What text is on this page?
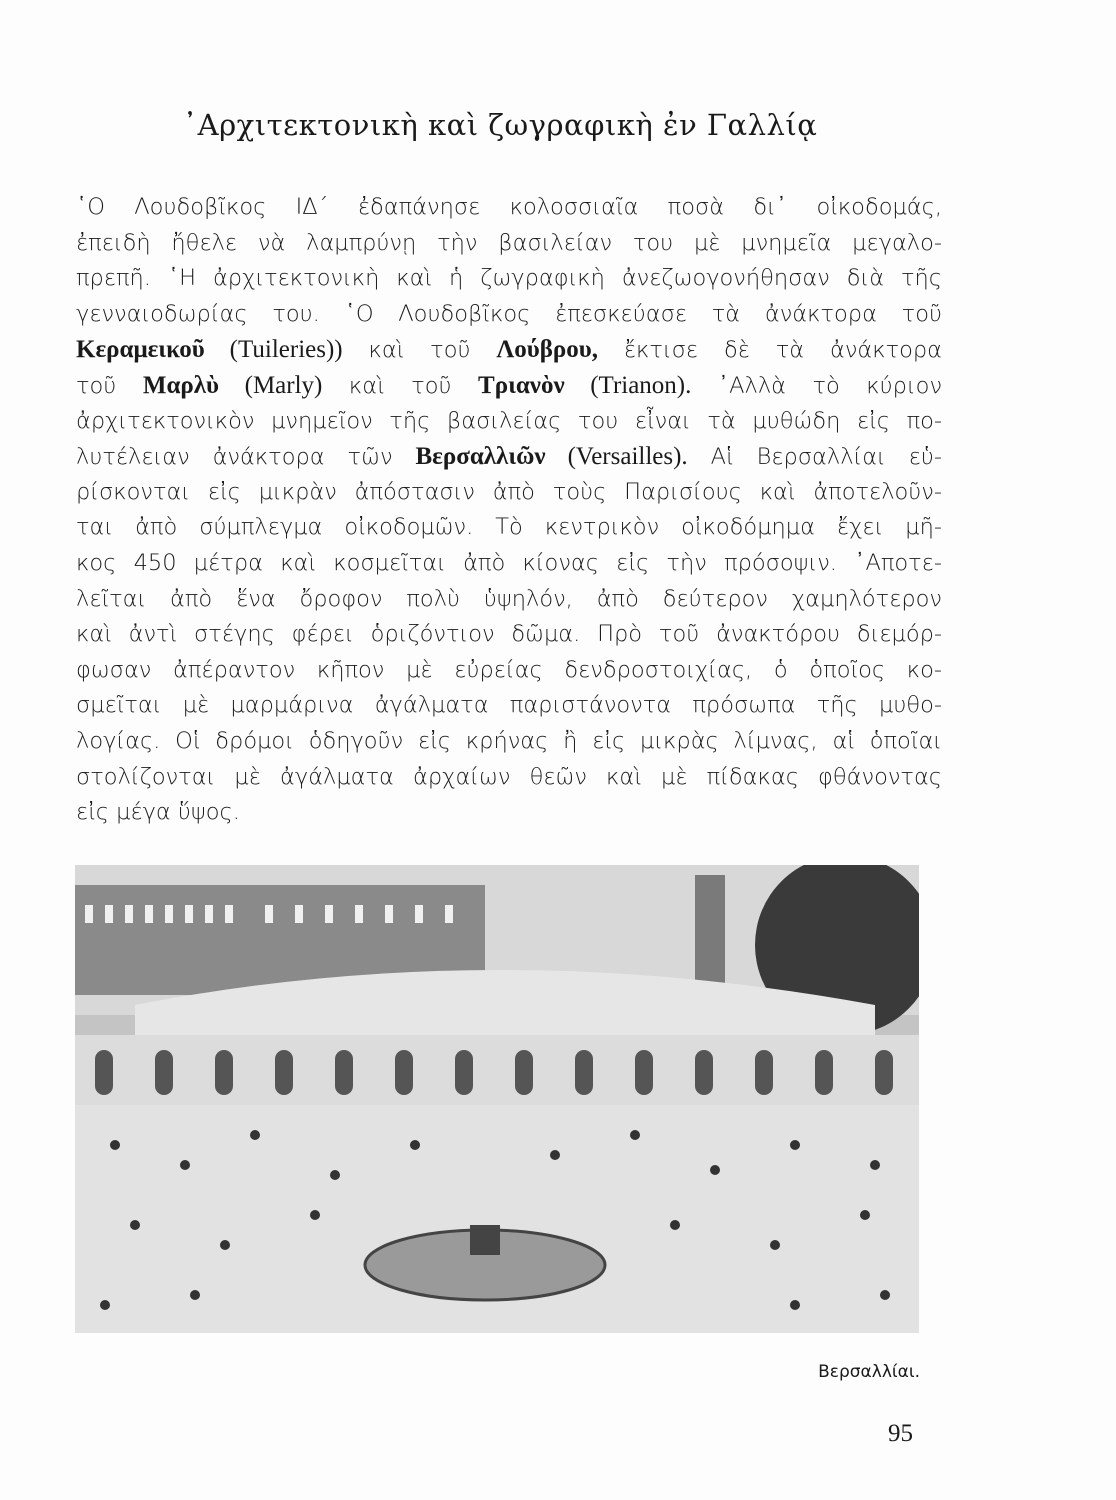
᾿Αρχιτεκτονικὴ καὶ ζωγραφικὴ ἐν Γαλλίᾳ
῾Ο Λουδοβῖκος ΙΔ΄ ἐδαπάνησε κολοσσιαῖα ποσὰ δι᾿ οἰκοδομάς,
ἐπειδὴ ἤθελε νὰ λαμπρύνῃ τὴν βασιλείαν του μὲ μνημεῖα μεγαλο-
πρεπῆ. ῾Η ἀρχιτεκτονικὴ καὶ ἡ ζωγραφικὴ ἀνεζωογονήθησαν διὰ τῆς
γενναιοδωρίας του. ῾Ο Λουδοβῖκος ἐπεσκεύασε τὰ ἀνάκτορα τοῦ
Κεραμεικοῦ (Tuileries)) καὶ τοῦ Λούβρου, ἔκτισε δὲ τὰ ἀνάκτορα
τοῦ Μαρλὺ (Marly) καὶ τοῦ Τριανὸν (Trianon). ᾿Αλλὰ τὸ κύριον
ἀρχιτεκτονικὸν μνημεῖον τῆς βασιλείας του εἶναι τὰ μυθώδη εἰς πο-
λυτέλειαν ἀνάκτορα τῶν Βερσαλλιῶν (Versailles). Αἱ Βερσαλλίαι εὑ-
ρίσκονται εἰς μικρὰν ἀπόστασιν ἀπὸ τοὺς Παρισίους καὶ ἀποτελοῦν-
ται ἀπὸ σύμπλεγμα οἰκοδομῶν. Τὸ κεντρικὸν οἰκοδόμημα ἔχει μῆ-
κος 450 μέτρα καὶ κοσμεῖται ἀπὸ κίονας εἰς τὴν πρόσοψιν. ᾿Αποτε-
λεῖται ἀπὸ ἕνα ὄροφον πολὺ ὑψηλόν, ἀπὸ δεύτερον χαμηλότερον
καὶ ἀντὶ στέγης φέρει ὁριζόντιον δῶμα. Πρὸ τοῦ ἀνακτόρου διεμόρ-
φωσαν ἀπέραντον κῆπον μὲ εὐρείας δενδροστοιχίας, ὁ ὁποῖος κο-
σμεῖται μὲ μαρμάρινα ἀγάλματα παριστάνοντα πρόσωπα τῆς μυθο-
λογίας. Οἱ δρόμοι ὁδηγοῦν εἰς κρήνας ἢ εἰς μικρὰς λίμνας, αἱ ὁποῖαι
στολίζονται μὲ ἀγάλματα ἀρχαίων θεῶν καὶ μὲ πίδακας φθάνοντας
εἰς μέγα ὕψος.
Βερσαλλίαι.
95
